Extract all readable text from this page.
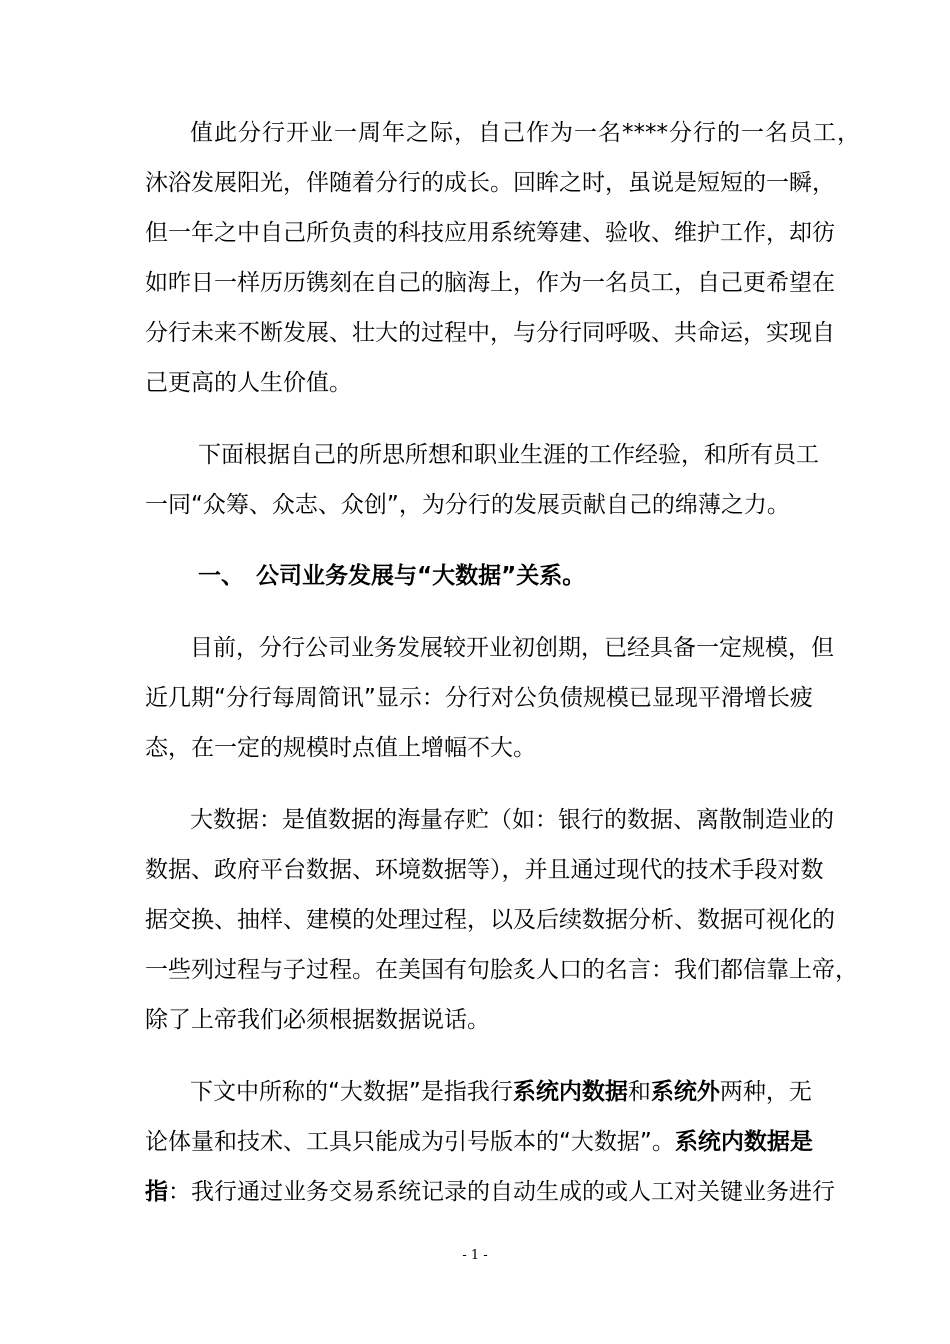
值此分行开业一周年之际，自己作为一名****分行的一名员工，
沐浴发展阳光，伴随着分行的成长。回眸之时，虽说是短短的一瞬，
但一年之中自己所负责的科技应用系统筹建、验收、维护工作，却彷
如昨日一样历历镌刻在自己的脑海上，作为一名员工，自己更希望在
分行未来不断发展、壮大的过程中，与分行同呼吸、共命运，实现自
己更高的人生价值。
下面根据自己的所思所想和职业生涯的工作经验，和所有员工
一同“众筹、众志、众创”，为分行的发展贡献自己的绵薄之力。
一、 公司业务发展与“大数据”关系。
目前，分行公司业务发展较开业初创期，已经具备一定规模，但
近几期“分行每周简讯”显示：分行对公负债规模已显现平滑增长疲
态，在一定的规模时点值上增幅不大。
大数据：是值数据的海量存贮（如：银行的数据、离散制造业的
数据、政府平台数据、环境数据等），并且通过现代的技术手段对数
据交换、抽样、建模的处理过程，以及后续数据分析、数据可视化的
一些列过程与子过程。在美国有句脍炙人口的名言：我们都信靠上帝，
除了上帝我们必须根据数据说话。
下文中所称的“大数据”是指我行系统内数据和系统外两种，无
论体量和技术、工具只能成为引号版本的“大数据”。系统内数据是
指：我行通过业务交易系统记录的自动生成的或人工对关键业务进行
- 1 -
